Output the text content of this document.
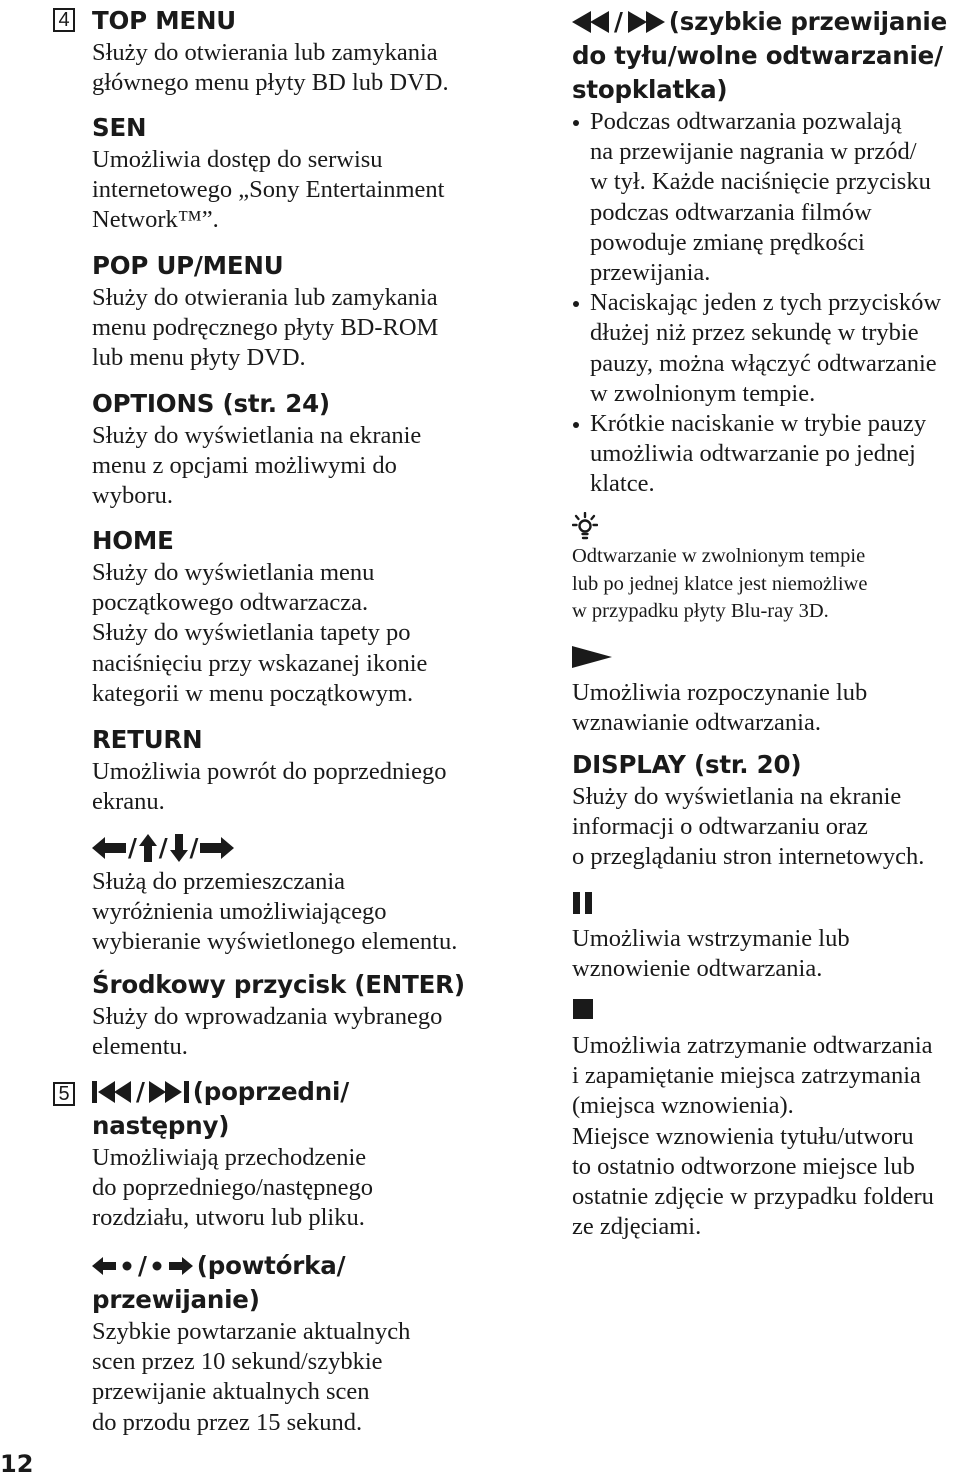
4
5
12

TOP MENU

Służy do otwierania lub zamykania
głównego menu płyty BD lub DVD.

SEN

Umożliwia dostęp do serwisu
internetowego „Sony Entertainment
Network™”.

POP UP/MENU

Służy do otwierania lub zamykania
menu podręcznego płyty BD-ROM
lub menu płyty DVD.

OPTIONS (str. 24)

Służy do wyświetlania na ekranie
menu z opcjami możliwymi do
wyboru.

HOME

Służy do wyświetlania menu
początkowego odtwarzacza.
Służy do wyświetlania tapety po
naciśnięciu przy wskazanej ikonie
kategorii w menu początkowym.

RETURN

Umożliwia powrót do poprzedniego
ekranu.
/ / /
Służą do przemieszczania
wyróżnienia umożliwiającego
wybieranie wyświetlonego elementu.

Środkowy przycisk (ENTER)

Służy do wprowadzania wybranego
elementu.
/ (poprzedni/

następny)

Umożliwiają przechodzenie
do poprzedniego/następnego
rozdziału, utworu lub pliku.
/ (powtórka/

przewijanie)

Szybkie powtarzanie aktualnych
scen przez 10 sekund/szybkie
przewijanie aktualnych scen
do przodu przez 15 sekund.
/ (szybkie przewijanie

do tyłu/wolne odtwarzanie/

stopklatka)

Podczas odtwarzania pozwalają
na przewijanie nagrania w przód/
w tył. Każde naciśnięcie przycisku
podczas odtwarzania filmów
powoduje zmianę prędkości
przewijania.
Naciskając jeden z tych przycisków
dłużej niż przez sekundę w trybie
pauzy, można włączyć odtwarzanie
w zwolnionym tempie.
Krótkie naciskanie w trybie pauzy
umożliwia odtwarzanie po jednej
klatce.
Odtwarzanie w zwolnionym tempie
lub po jednej klatce jest niemożliwe
w przypadku płyty Blu-ray 3D.
Umożliwia rozpoczynanie lub
wznawianie odtwarzania.

DISPLAY (str. 20)

Służy do wyświetlania na ekranie
informacji o odtwarzaniu oraz
o przeglądaniu stron internetowych.
Umożliwia wstrzymanie lub
wznowienie odtwarzania.
Umożliwia zatrzymanie odtwarzania
i zapamiętanie miejsca zatrzymania
(miejsca wznowienia).
Miejsce wznowienia tytułu/utworu
to ostatnio odtworzone miejsce lub
ostatnie zdjęcie w przypadku folderu
ze zdjęciami.
